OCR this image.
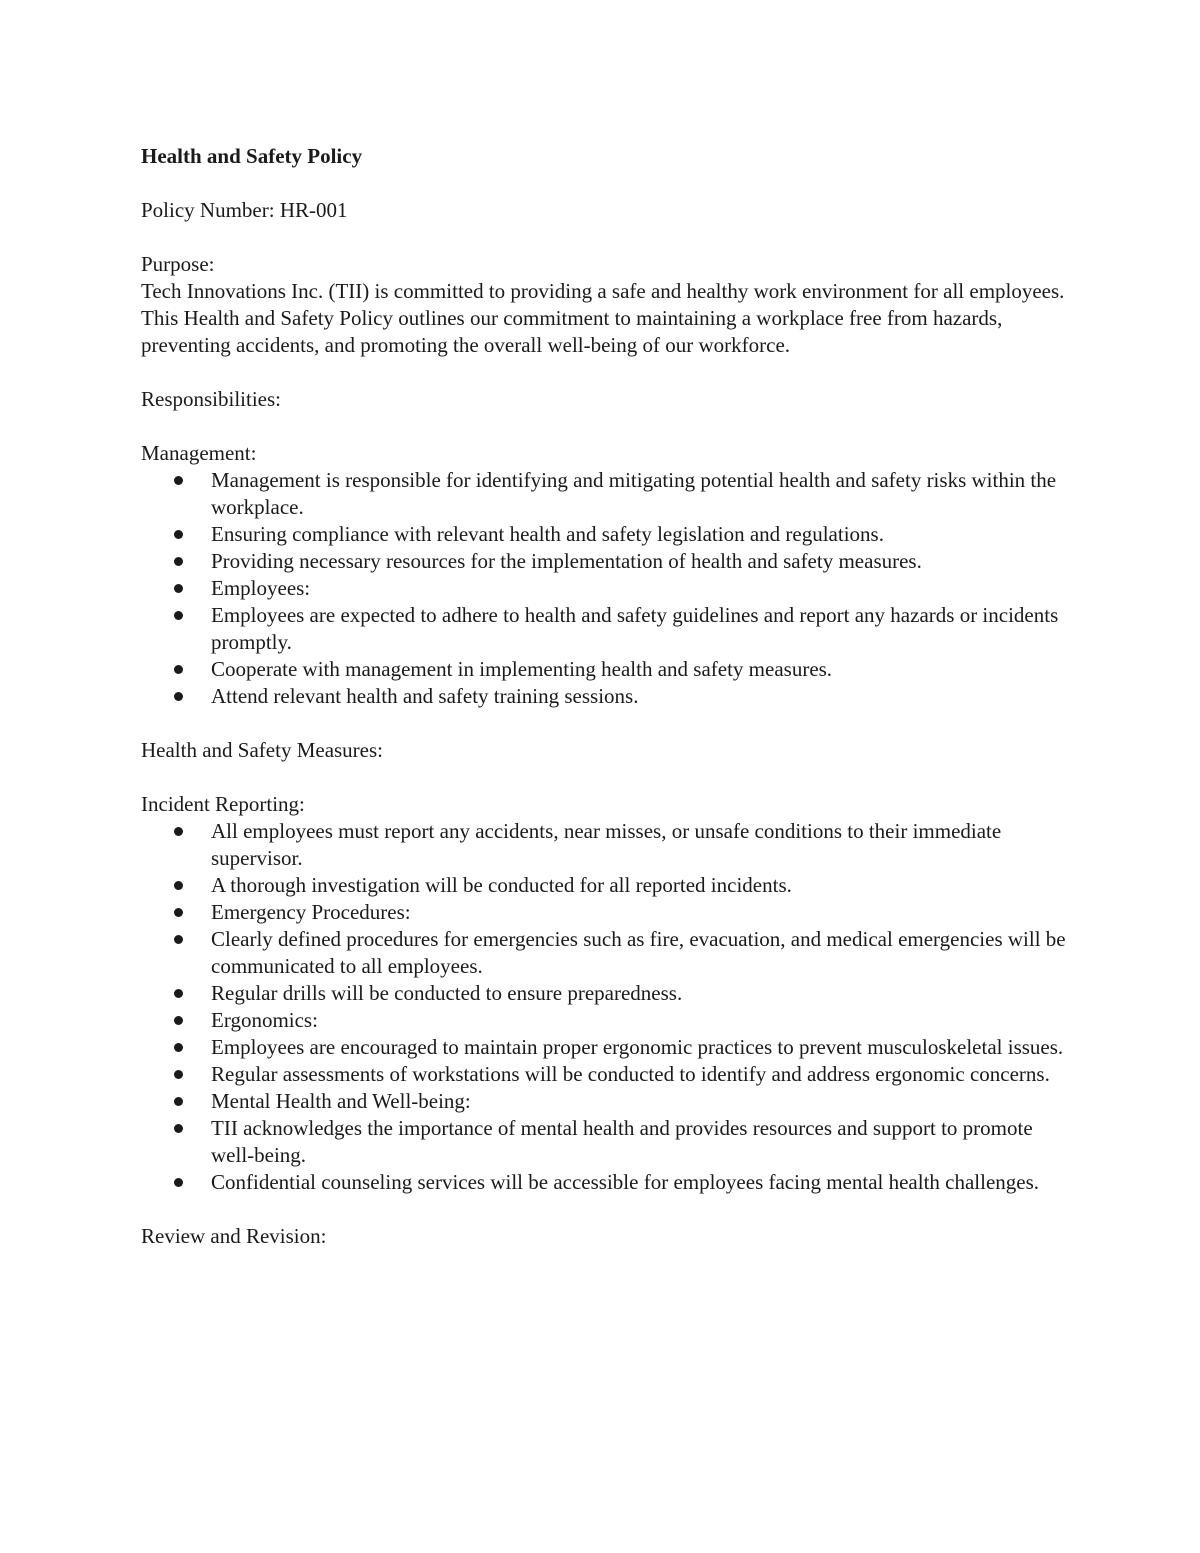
Health and Safety Policy

Policy Number: HR-001

Purpose:

Tech Innovations Inc. (TII) is committed to providing a safe and healthy work environment for all employees. This Health and Safety Policy outlines our commitment to maintaining a workplace free from hazards, preventing accidents, and promoting the overall well-being of our workforce.

Responsibilities:

Management:

Management is responsible for identifying and mitigating potential health and safety risks within the workplace.
Ensuring compliance with relevant health and safety legislation and regulations.
Providing necessary resources for the implementation of health and safety measures.
Employees:
Employees are expected to adhere to health and safety guidelines and report any hazards or incidents promptly.
Cooperate with management in implementing health and safety measures.
Attend relevant health and safety training sessions.

Health and Safety Measures:

Incident Reporting:

All employees must report any accidents, near misses, or unsafe conditions to their immediate supervisor.
A thorough investigation will be conducted for all reported incidents.
Emergency Procedures:
Clearly defined procedures for emergencies such as fire, evacuation, and medical emergencies will be communicated to all employees.
Regular drills will be conducted to ensure preparedness.
Ergonomics:
Employees are encouraged to maintain proper ergonomic practices to prevent musculoskeletal issues.
Regular assessments of workstations will be conducted to identify and address ergonomic concerns.
Mental Health and Well-being:
TII acknowledges the importance of mental health and provides resources and support to promote well-being.
Confidential counseling services will be accessible for employees facing mental health challenges.

Review and Revision:
